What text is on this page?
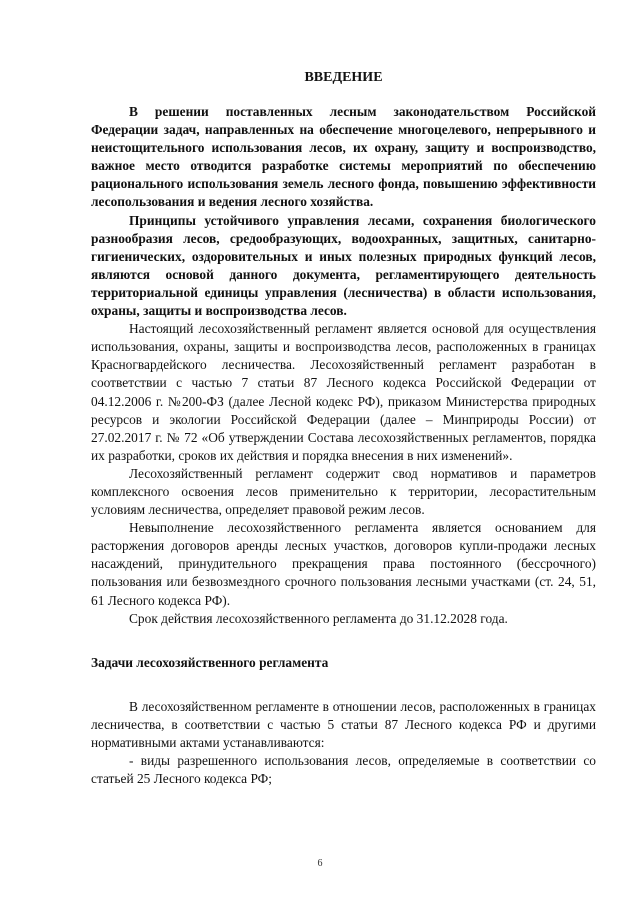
ВВЕДЕНИЕ

В решении поставленных лесным законодательством Российской Федерации задач, направленных на обеспечение многоцелевого, непрерывного и неистощительного использования лесов, их охрану, защиту и воспроизводство, важное место отводится разработке системы мероприятий по обеспечению рационального использования земель лесного фонда, повышению эффективности лесопользования и ведения лесного хозяйства.

Принципы устойчивого управления лесами, сохранения биологического разнообразия лесов, средообразующих, водоохранных, защитных, санитарно-гигиенических, оздоровительных и иных полезных природных функций лесов, являются основой данного документа, регламентирующего деятельность территориальной единицы управления (лесничества) в области использования, охраны, защиты и воспроизводства лесов.

Настоящий лесохозяйственный регламент является основой для осуществления использования, охраны, защиты и воспроизводства лесов, расположенных в границах Красногвардейского лесничества. Лесохозяйственный регламент разработан в соответствии с частью 7 статьи 87 Лесного кодекса Российской Федерации от 04.12.2006 г. №200-ФЗ (далее Лесной кодекс РФ), приказом Министерства природных ресурсов и экологии Российской Федерации (далее – Минприроды России) от 27.02.2017 г. № 72 «Об утверждении Состава лесохозяйственных регламентов, порядка их разработки, сроков их действия и порядка внесения в них изменений».

Лесохозяйственный регламент содержит свод нормативов и параметров комплексного освоения лесов применительно к территории, лесорастительным условиям лесничества, определяет правовой режим лесов.

Невыполнение лесохозяйственного регламента является основанием для расторжения договоров аренды лесных участков, договоров купли-продажи лесных насаждений, принудительного прекращения права постоянного (бессрочного) пользования или безвозмездного срочного пользования лесными участками (ст. 24, 51, 61 Лесного кодекса РФ).

Срок действия лесохозяйственного регламента до 31.12.2028 года.

Задачи лесохозяйственного регламента

В лесохозяйственном регламенте в отношении лесов, расположенных в границах лесничества, в соответствии с частью 5 статьи 87 Лесного кодекса РФ и другими нормативными актами устанавливаются:

- виды разрешенного использования лесов, определяемые в соответствии со статьей 25 Лесного кодекса РФ;

6
